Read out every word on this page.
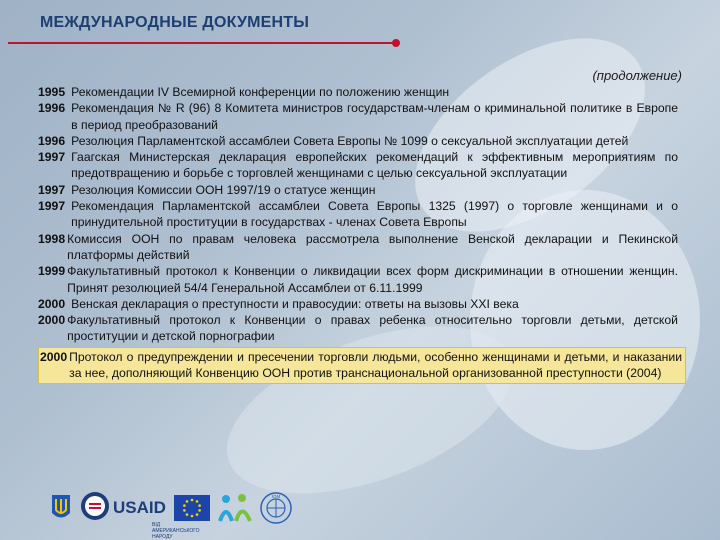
МЕЖДУНАРОДНЫЕ ДОКУМЕНТЫ
(продолжение)
1995 Рекомендации IV Всемирной конференции по положению женщин
1996 Рекомендация № R (96) 8 Комитета министров государствам-членам о криминальной политике в Европе в период преобразований
1996 Резолюция Парламентской ассамблеи Совета Европы № 1099 о сексуальной эксплуатации детей
1997 Гаагская Министерская декларация европейских рекомендаций к эффективным мероприятиям по предотвращению и борьбе с торговлей женщинами с целью сексуальной эксплуатации
1997 Резолюция Комиссии ООН 1997/19 о статусе женщин
1997 Рекомендация Парламентской ассамблеи Совета Европы 1325 (1997) о торговле женщинами и о принудительной проституции в государствах - членах Совета Европы
1998 Комиссия ООН по правам человека рассмотрела выполнение Венской декларации и Пекинской платформы действий
1999 Факультативный протокол к Конвенции о ликвидации всех форм дискриминации в отношении женщин. Принят резолюцией 54/4 Генеральной Ассамблеи от 6.11.1999
2000 Венская декларация о преступности и правосудии: ответы на вызовы XXI века
2000 Факультативный протокол к Конвенции о правах ребенка относительно торговли детьми, детской проституции и детской порнографии
2000 Протокол о предупреждении и пресечении торговли людьми, особенно женщинами и детьми, и наказании за нее, дополняющий Конвенцию ООН против транснациональной организованной преступности (2004)
USAID
ВІД АМЕРИКАНСЬКОГО НАРОДУ
IOM
